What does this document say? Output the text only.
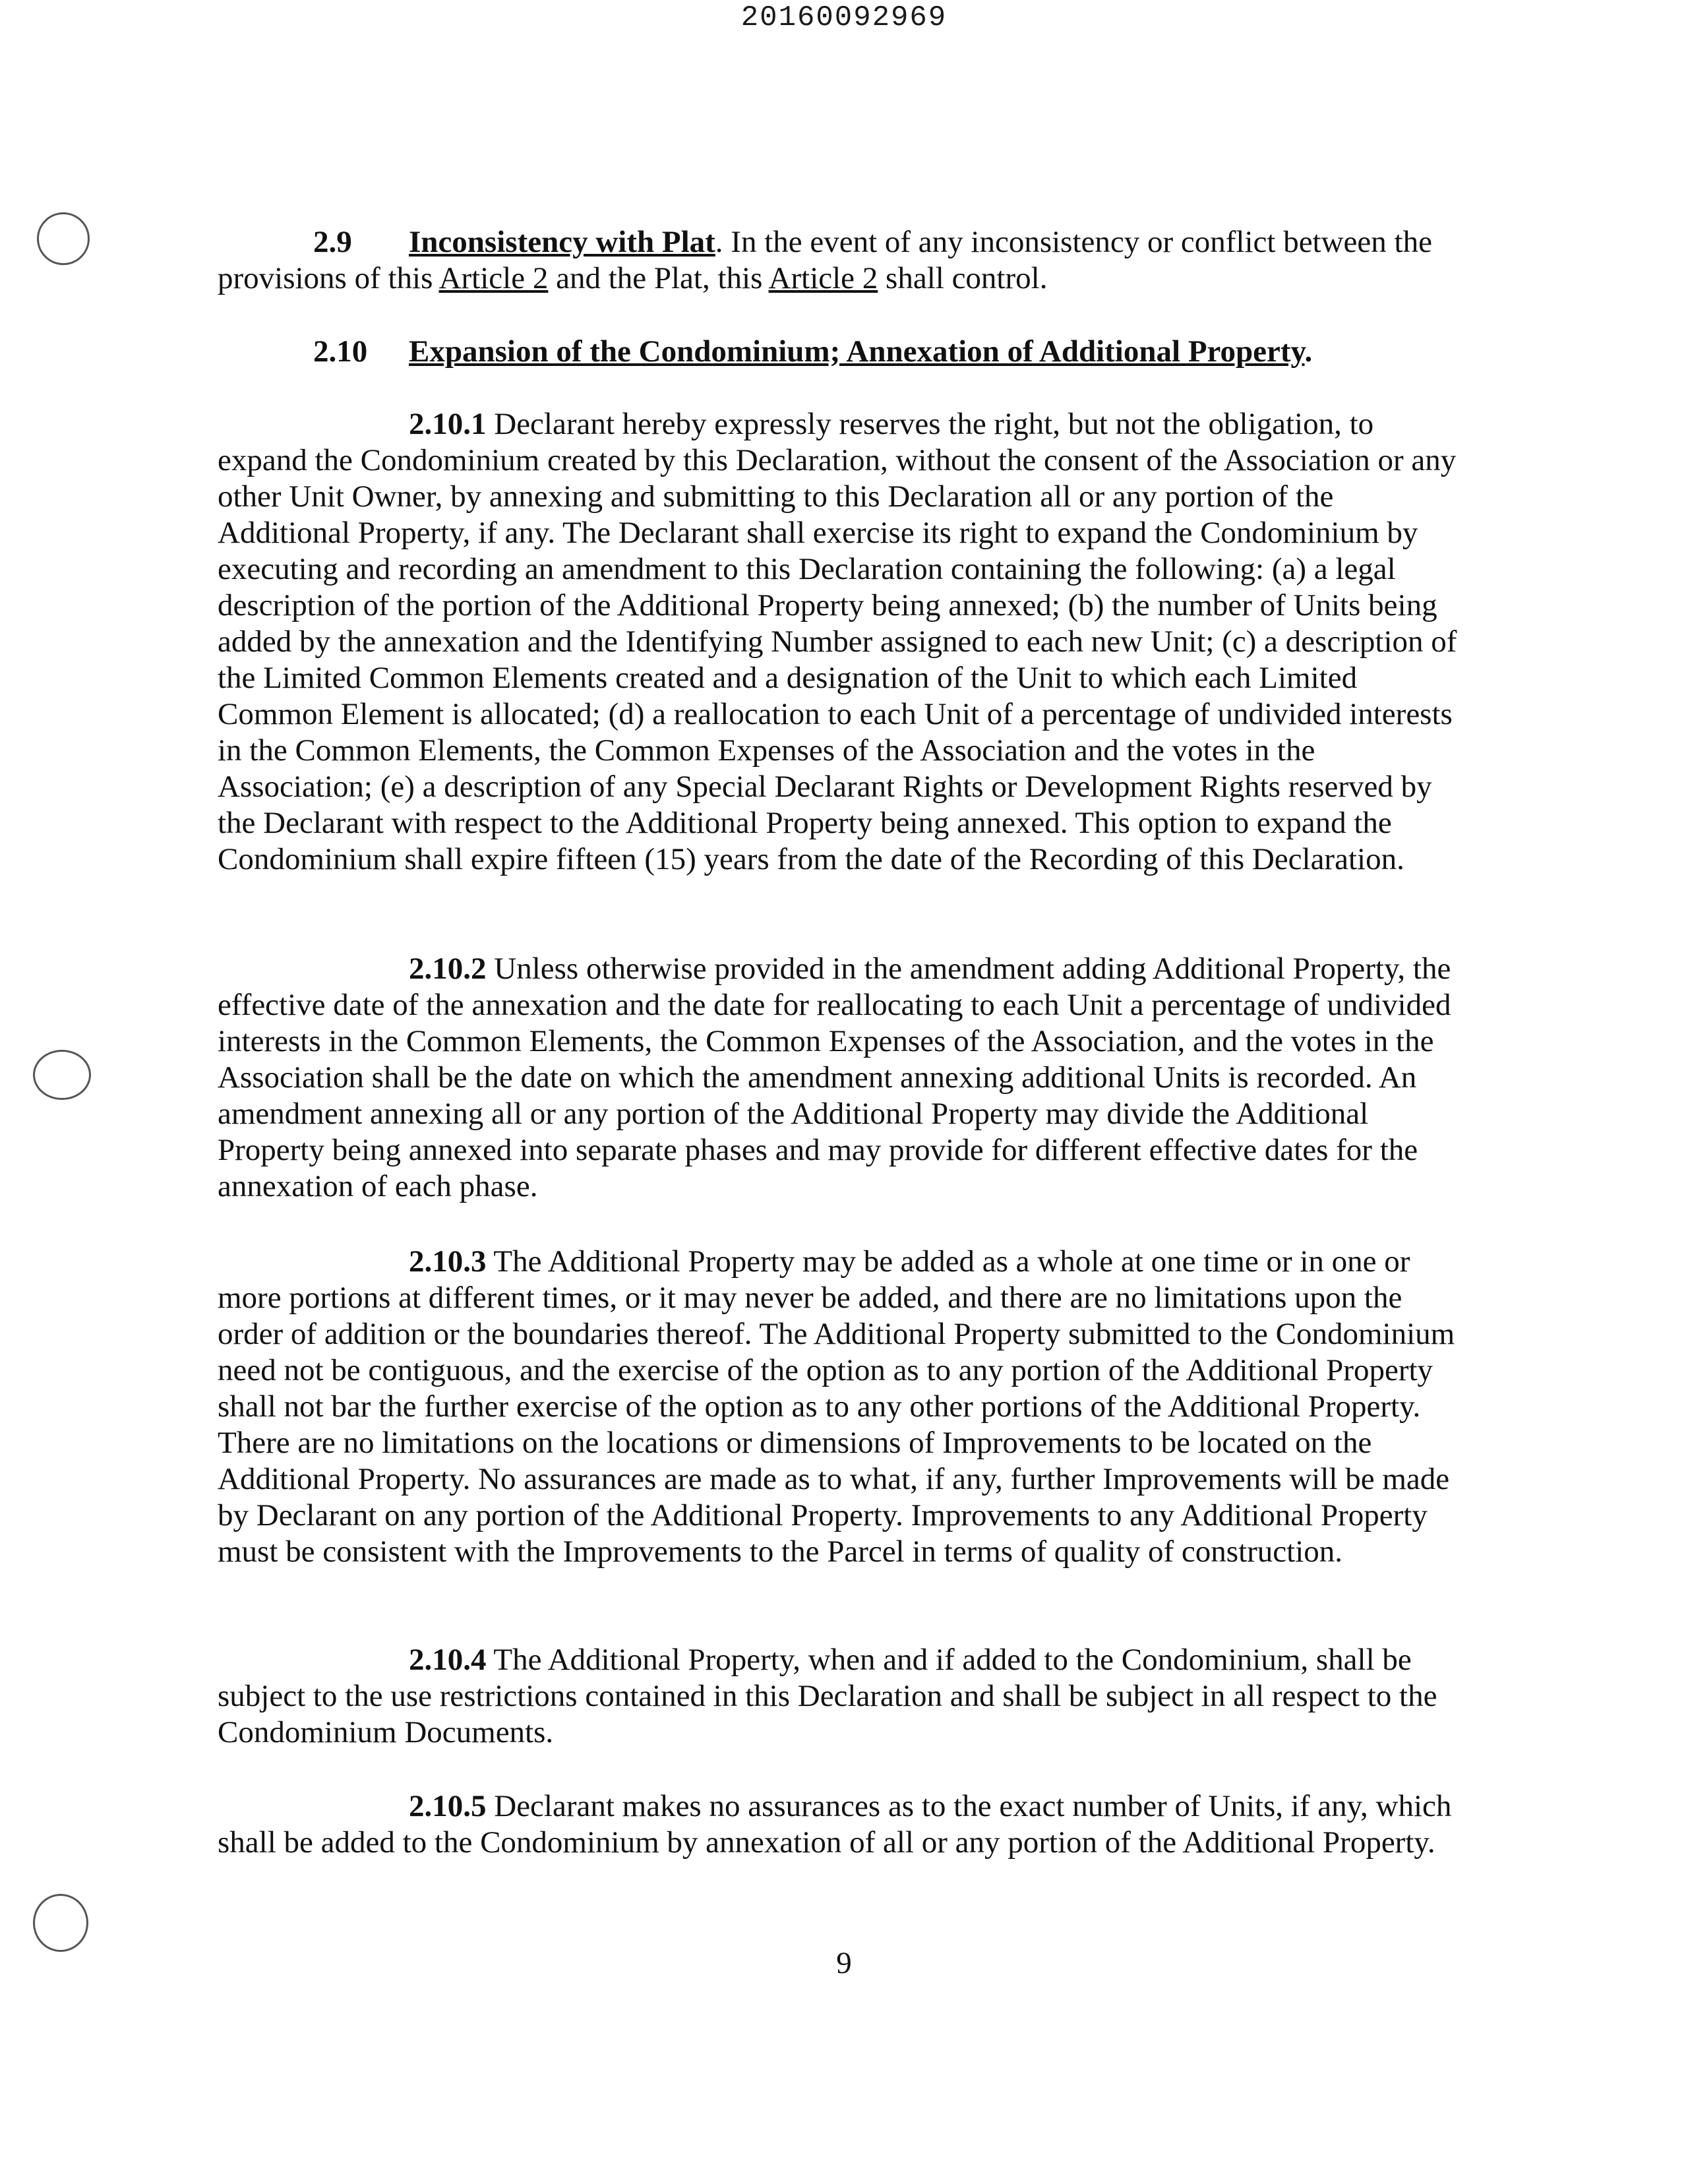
20160092969

2.9 Inconsistency with Plat. In the event of any inconsistency or conflict between the provisions of this Article 2 and the Plat, this Article 2 shall control.

2.10 Expansion of the Condominium; Annexation of Additional Property.

2.10.1 Declarant hereby expressly reserves the right, but not the obligation, to expand the Condominium created by this Declaration, without the consent of the Association or any other Unit Owner, by annexing and submitting to this Declaration all or any portion of the Additional Property, if any. The Declarant shall exercise its right to expand the Condominium by executing and recording an amendment to this Declaration containing the following: (a) a legal description of the portion of the Additional Property being annexed; (b) the number of Units being added by the annexation and the Identifying Number assigned to each new Unit; (c) a description of the Limited Common Elements created and a designation of the Unit to which each Limited Common Element is allocated; (d) a reallocation to each Unit of a percentage of undivided interests in the Common Elements, the Common Expenses of the Association and the votes in the Association; (e) a description of any Special Declarant Rights or Development Rights reserved by the Declarant with respect to the Additional Property being annexed. This option to expand the Condominium shall expire fifteen (15) years from the date of the Recording of this Declaration.

2.10.2 Unless otherwise provided in the amendment adding Additional Property, the effective date of the annexation and the date for reallocating to each Unit a percentage of undivided interests in the Common Elements, the Common Expenses of the Association, and the votes in the Association shall be the date on which the amendment annexing additional Units is recorded. An amendment annexing all or any portion of the Additional Property may divide the Additional Property being annexed into separate phases and may provide for different effective dates for the annexation of each phase.

2.10.3 The Additional Property may be added as a whole at one time or in one or more portions at different times, or it may never be added, and there are no limitations upon the order of addition or the boundaries thereof. The Additional Property submitted to the Condominium need not be contiguous, and the exercise of the option as to any portion of the Additional Property shall not bar the further exercise of the option as to any other portions of the Additional Property. There are no limitations on the locations or dimensions of Improvements to be located on the Additional Property. No assurances are made as to what, if any, further Improvements will be made by Declarant on any portion of the Additional Property. Improvements to any Additional Property must be consistent with the Improvements to the Parcel in terms of quality of construction.

2.10.4 The Additional Property, when and if added to the Condominium, shall be subject to the use restrictions contained in this Declaration and shall be subject in all respect to the Condominium Documents.

2.10.5 Declarant makes no assurances as to the exact number of Units, if any, which shall be added to the Condominium by annexation of all or any portion of the Additional Property.

9
